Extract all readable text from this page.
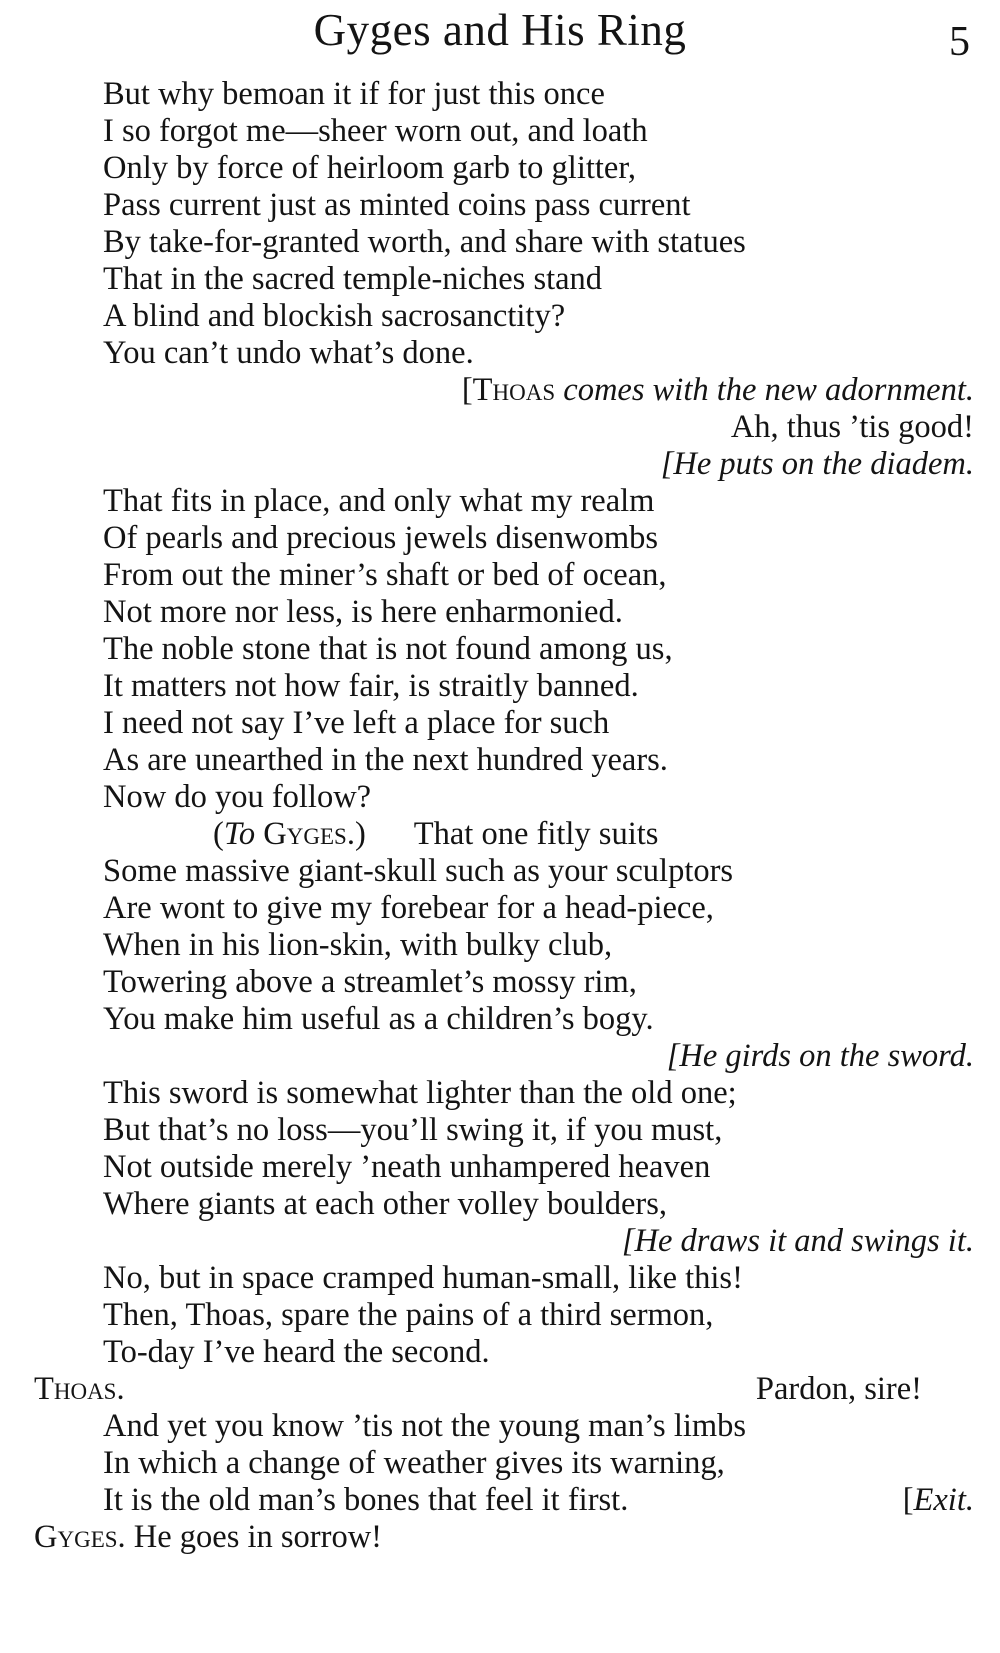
Gyges and His Ring	5
But why bemoan it if for just this once
I so forgot me—sheer worn out, and loath
Only by force of heirloom garb to glitter,
Pass current just as minted coins pass current
By take-for-granted worth, and share with statues
That in the sacred temple-niches stand
A blind and blockish sacrosanctity?
You can’t undo what’s done.
[Thoas comes with the new adornment.
Ah, thus ’tis good!
[He puts on the diadem.
That fits in place, and only what my realm
Of pearls and precious jewels disenwombs
From out the miner’s shaft or bed of ocean,
Not more nor less, is here enharmonied.
The noble stone that is not found among us,
It matters not how fair, is straitly banned.
I need not say I’ve left a place for such
As are unearthed in the next hundred years.
Now do you follow?
(To Gyges.) That one fitly suits
Some massive giant-skull such as your sculptors
Are wont to give my forebear for a head-piece,
When in his lion-skin, with bulky club,
Towering above a streamlet’s mossy rim,
You make him useful as a children’s bogy.
[He girds on the sword.
This sword is somewhat lighter than the old one;
But that’s no loss—you’ll swing it, if you must,
Not outside merely ’neath unhampered heaven
Where giants at each other volley boulders,
[He draws it and swings it.
No, but in space cramped human-small, like this!
Then, Thoas, spare the pains of a third sermon,
To-day I’ve heard the second.
Thoas.	Pardon, sire!
And yet you know ’tis not the young man’s limbs
In which a change of weather gives its warning,
It is the old man’s bones that feel it first.	[Exit.
Gyges. He goes in sorrow!
